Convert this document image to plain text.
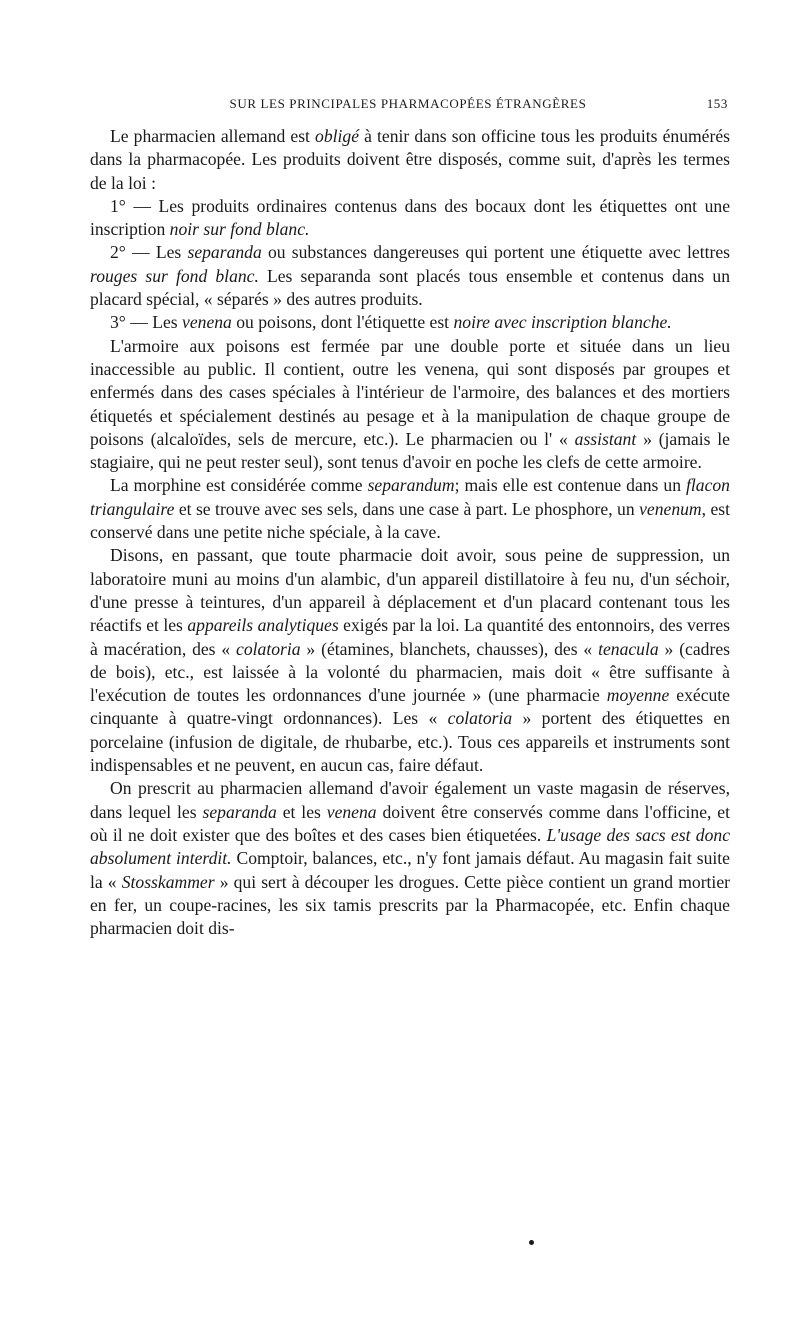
SUR LES PRINCIPALES PHARMACOPÉES ÉTRANGÈRES	153

Le pharmacien allemand est obligé à tenir dans son officine tous les produits énumérés dans la pharmacopée. Les produits doivent être disposés, comme suit, d'après les termes de la loi :

1° — Les produits ordinaires contenus dans des bocaux dont les étiquettes ont une inscription noir sur fond blanc.

2° — Les separanda ou substances dangereuses qui portent une étiquette avec lettres rouges sur fond blanc. Les separanda sont placés tous ensemble et contenus dans un placard spécial, « séparés » des autres produits.

3° — Les venena ou poisons, dont l'étiquette est noire avec inscription blanche.

L'armoire aux poisons est fermée par une double porte et située dans un lieu inaccessible au public. Il contient, outre les venena, qui sont disposés par groupes et enfermés dans des cases spéciales à l'intérieur de l'armoire, des balances et des mortiers étiquetés et spécialement destinés au pesage et à la manipulation de chaque groupe de poisons (alcaloïdes, sels de mercure, etc.). Le pharmacien ou l' « assistant » (jamais le stagiaire, qui ne peut rester seul), sont tenus d'avoir en poche les clefs de cette armoire.

La morphine est considérée comme separandum; mais elle est contenue dans un flacon triangulaire et se trouve avec ses sels, dans une case à part. Le phosphore, un venenum, est conservé dans une petite niche spéciale, à la cave.

Disons, en passant, que toute pharmacie doit avoir, sous peine de suppression, un laboratoire muni au moins d'un alambic, d'un appareil distillatoire à feu nu, d'un séchoir, d'une presse à teintures, d'un appareil à déplacement et d'un placard contenant tous les réactifs et les appareils analytiques exigés par la loi. La quantité des entonnoirs, des verres à macération, des « colatoria » (étamines, blanchets, chausses), des « tenacula » (cadres de bois), etc., est laissée à la volonté du pharmacien, mais doit « être suffisante à l'exécution de toutes les ordonnances d'une journée » (une pharmacie moyenne exécute cinquante à quatre-vingt ordonnances). Les « colatoria » portent des étiquettes en porcelaine (infusion de digitale, de rhubarbe, etc.). Tous ces appareils et instruments sont indispensables et ne peuvent, en aucun cas, faire défaut.

On prescrit au pharmacien allemand d'avoir également un vaste magasin de réserves, dans lequel les separanda et les venena doivent être conservés comme dans l'officine, et où il ne doit exister que des boîtes et des cases bien étiquetées. L'usage des sacs est donc absolument interdit. Comptoir, balances, etc., n'y font jamais défaut. Au magasin fait suite la « Stosskammer » qui sert à découper les drogues. Cette pièce contient un grand mortier en fer, un coupe-racines, les six tamis prescrits par la Pharmacopée, etc. Enfin chaque pharmacien doit dis-
